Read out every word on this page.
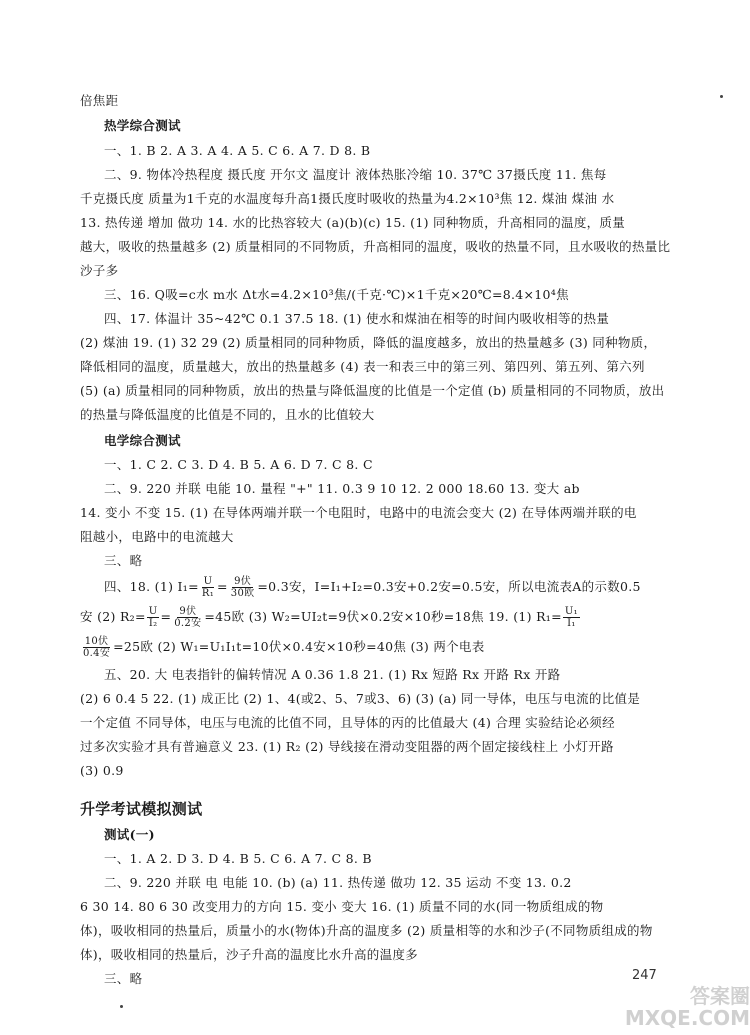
倍焦距
热学综合测试
一、1. B 2. A 3. A 4. A 5. C 6. A 7. D 8. B
二、9. 物体冷热程度 摄氏度 开尔文 温度计 液体热胀冷缩 10. 37℃ 37摄氏度 11. 焦每
千克摄氏度 质量为1千克的水温度每升高1摄氏度时吸收的热量为4.2×10³焦 12. 煤油 煤油 水
13. 热传递 增加 做功 14. 水的比热容较大 (a)(b)(c) 15. (1) 同种物质，升高相同的温度，质量
越大，吸收的热量越多 (2) 质量相同的不同物质，升高相同的温度，吸收的热量不同，且水吸收的热量比
沙子多
三、16. Q吸=c水 m水 Δt水=4.2×10³焦/(千克·℃)×1千克×20℃=8.4×10⁴焦
四、17. 体温计 35~42℃ 0.1 37.5 18. (1) 使水和煤油在相等的时间内吸收相等的热量
(2) 煤油 19. (1) 32 29 (2) 质量相同的同种物质，降低的温度越多，放出的热量越多 (3) 同种物质，
降低相同的温度，质量越大，放出的热量越多 (4) 表一和表三中的第三列、第四列、第五列、第六列
(5) (a) 质量相同的同种物质，放出的热量与降低温度的比值是一个定值 (b) 质量相同的不同物质，放出
的热量与降低温度的比值是不同的，且水的比值较大
电学综合测试
一、1. C 2. C 3. D 4. B 5. A 6. D 7. C 8. C
二、9. 220 并联 电能 10. 量程 "+" 11. 0.3 9 10 12. 2 000 18.60 13. 变大 ab
14. 变小 不变 15. (1) 在导体两端并联一个电阻时，电路中的电流会变大 (2) 在导体两端并联的电
阻越小，电路中的电流越大
三、略
四、18. (1) $I_1= \frac{U}{\text{R₁}} = \frac{\text{9伏}}{\text{30欧}} =0.3$安，I=I₁+I₂=0.3安+0.2安=0.5安，所以电流表A的示数0.5
安 (2) $R_2= \frac{U}{\text{I₂}} = \frac{\text{9伏}}{\text{0.2安}} =45$欧 (3) W₂=UI₂t=9伏×0.2安×10秒=18焦 19. (1) $R_1= \frac{\text{U₁}}{\text{I₁}}$
$\frac{\text{10伏}}{\text{0.4安}} =25$欧 (2) W₁=U₁I₁t=10伏×0.4安×10秒=40焦 (3) 两个电表
五、20. 大 电表指针的偏转情况 A 0.36 1.8 21. (1) Rx 短路 Rx 开路 Rx 开路
(2) 6 0.4 5 22. (1) 成正比 (2) 1、4(或2、5、7或3、6) (3) (a) 同一导体，电压与电流的比值是
一个定值 不同导体，电压与电流的比值不同，且导体的丙的比值最大 (4) 合理 实验结论必须经
过多次实验才具有普遍意义 23. (1) R₂ (2) 导线接在滑动变阻器的两个固定接线柱上 小灯开路
(3) 0.9
升学考试模拟测试
测试(一)
一、1. A 2. D 3. D 4. B 5. C 6. A 7. C 8. B
二、9. 220 并联 电 电能 10. (b) (a) 11. 热传递 做功 12. 35 运动 不变 13. 0.2
6 30 14. 80 6 30 改变用力的方向 15. 变小 变大 16. (1) 质量不同的水(同一物质组成的物
体)，吸收相同的热量后，质量小的水(物体)升高的温度多 (2) 质量相等的水和沙子(不同物质组成的物
体)，吸收相同的热量后，沙子升高的温度比水升高的温度多
三、略	247
答案圈 MXQE.COM
